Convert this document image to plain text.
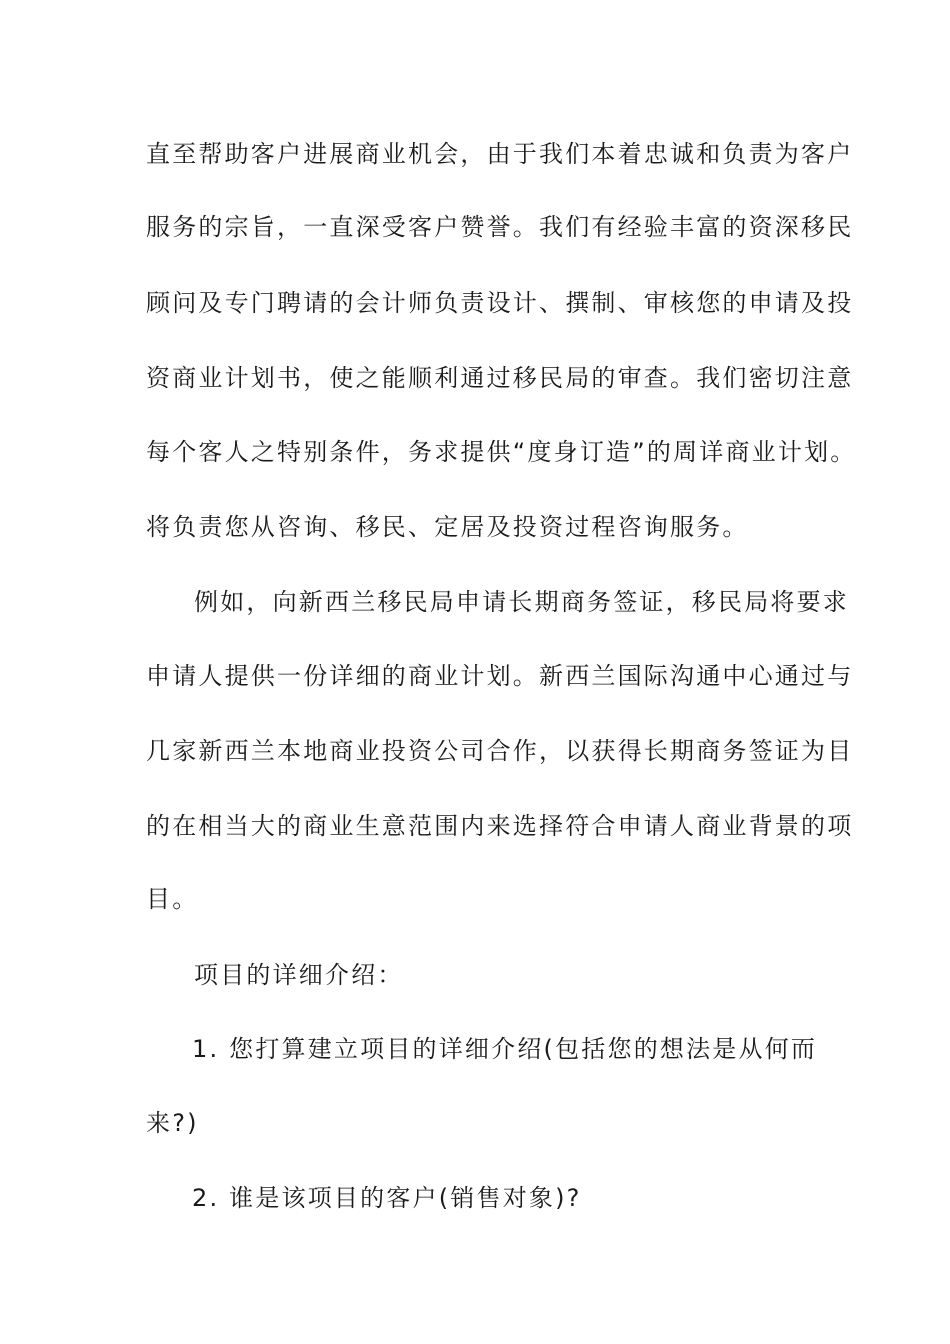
直至帮助客户进展商业机会，由于我们本着忠诚和负责为客户
服务的宗旨，一直深受客户赞誉。我们有经验丰富的资深移民
顾问及专门聘请的会计师负责设计、撰制、审核您的申请及投
资商业计划书，使之能顺利通过移民局的审查。我们密切注意
每个客人之特别条件，务求提供“度身订造”的周详商业计划。
将负责您从咨询、移民、定居及投资过程咨询服务。
例如，向新西兰移民局申请长期商务签证，移民局将要求
申请人提供一份详细的商业计划。新西兰国际沟通中心通过与
几家新西兰本地商业投资公司合作，以获得长期商务签证为目
的在相当大的商业生意范围内来选择符合申请人商业背景的项
目。
项目的详细介绍：
1. 您打算建立项目的详细介绍(包括您的想法是从何而
来?)
2. 谁是该项目的客户(销售对象)?
